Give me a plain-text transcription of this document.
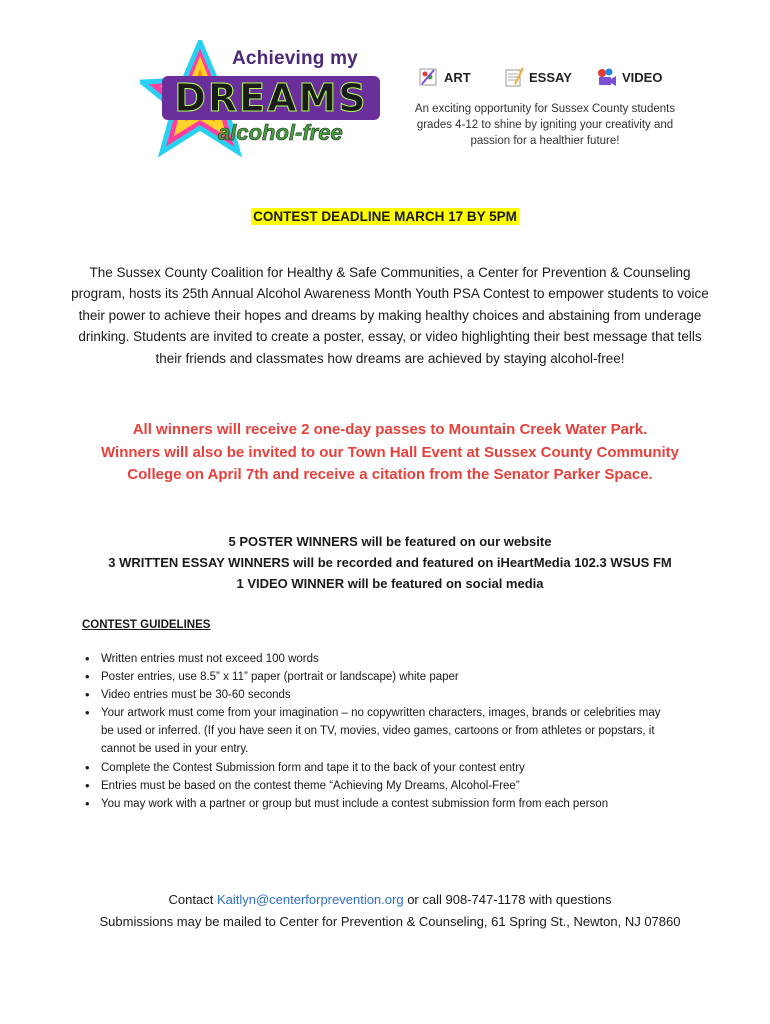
Achieving my
DREAMS
alcohol-free
ART	ESSAY	VIDEO
An exciting opportunity for Sussex County students grades 4-12 to shine by igniting your creativity and passion for a healthier future!
CONTEST DEADLINE MARCH 17 BY 5PM
The Sussex County Coalition for Healthy & Safe Communities, a Center for Prevention & Counseling program, hosts its 25th Annual Alcohol Awareness Month Youth PSA Contest to empower students to voice their power to achieve their hopes and dreams by making healthy choices and abstaining from underage drinking. Students are invited to create a poster, essay, or video highlighting their best message that tells their friends and classmates how dreams are achieved by staying alcohol-free!
All winners will receive 2 one-day passes to Mountain Creek Water Park.
Winners will also be invited to our Town Hall Event at Sussex County Community
College on April 7th and receive a citation from the Senator Parker Space.
5 POSTER WINNERS will be featured on our website
3 WRITTEN ESSAY WINNERS will be recorded and featured on iHeartMedia 102.3 WSUS FM
1 VIDEO WINNER will be featured on social media
CONTEST GUIDELINES
• Written entries must not exceed 100 words
• Poster entries, use 8.5” x 11” paper (portrait or landscape) white paper
• Video entries must be 30-60 seconds
• Your artwork must come from your imagination – no copywritten characters, images, brands or celebrities may be used or inferred. (If you have seen it on TV, movies, video games, cartoons or from athletes or popstars, it cannot be used in your entry.
• Complete the Contest Submission form and tape it to the back of your contest entry
• Entries must be based on the contest theme “Achieving My Dreams, Alcohol-Free”
• You may work with a partner or group but must include a contest submission form from each person
Contact Kaitlyn@centerforprevention.org or call 908-747-1178 with questions
Submissions may be mailed to Center for Prevention & Counseling, 61 Spring St., Newton, NJ 07860
